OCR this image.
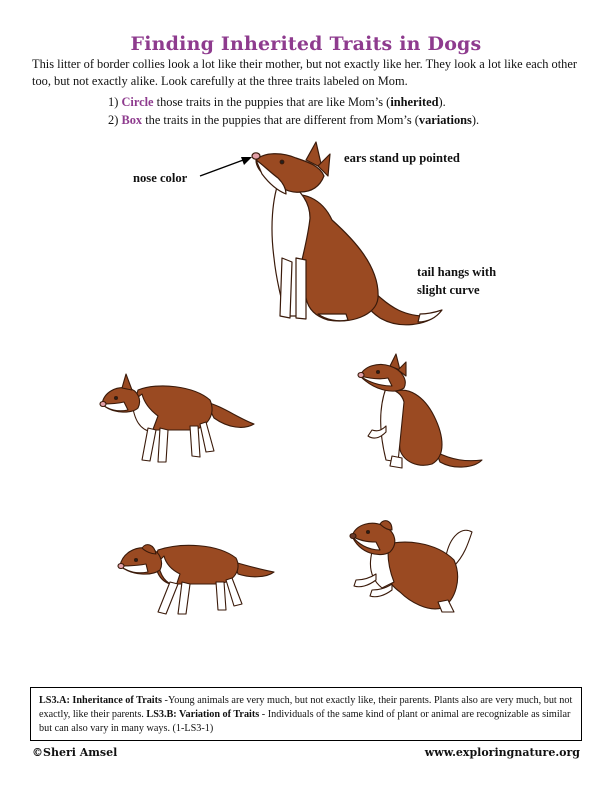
Finding Inherited Traits in Dogs
This litter of border collies look a lot like their mother, but not exactly like her. They look a lot like each other too, but not exactly alike. Look carefully at the three traits labeled on Mom.
1) Circle those traits in the puppies that are like Mom’s (inherited).
2) Box the traits in the puppies that are different from Mom’s (variations).
nose color
ears stand up pointed
tail hangs with
slight curve
LS3.A: Inheritance of Traits -Young animals are very much, but not exactly like, their parents. Plants also are very much, but not exactly, like their parents. LS3.B: Variation of Traits - Individuals of the same kind of plant or animal are recognizable as similar but can also vary in many ways. (1-LS3-1)
©Sheri Amsel	www.exploringnature.org
